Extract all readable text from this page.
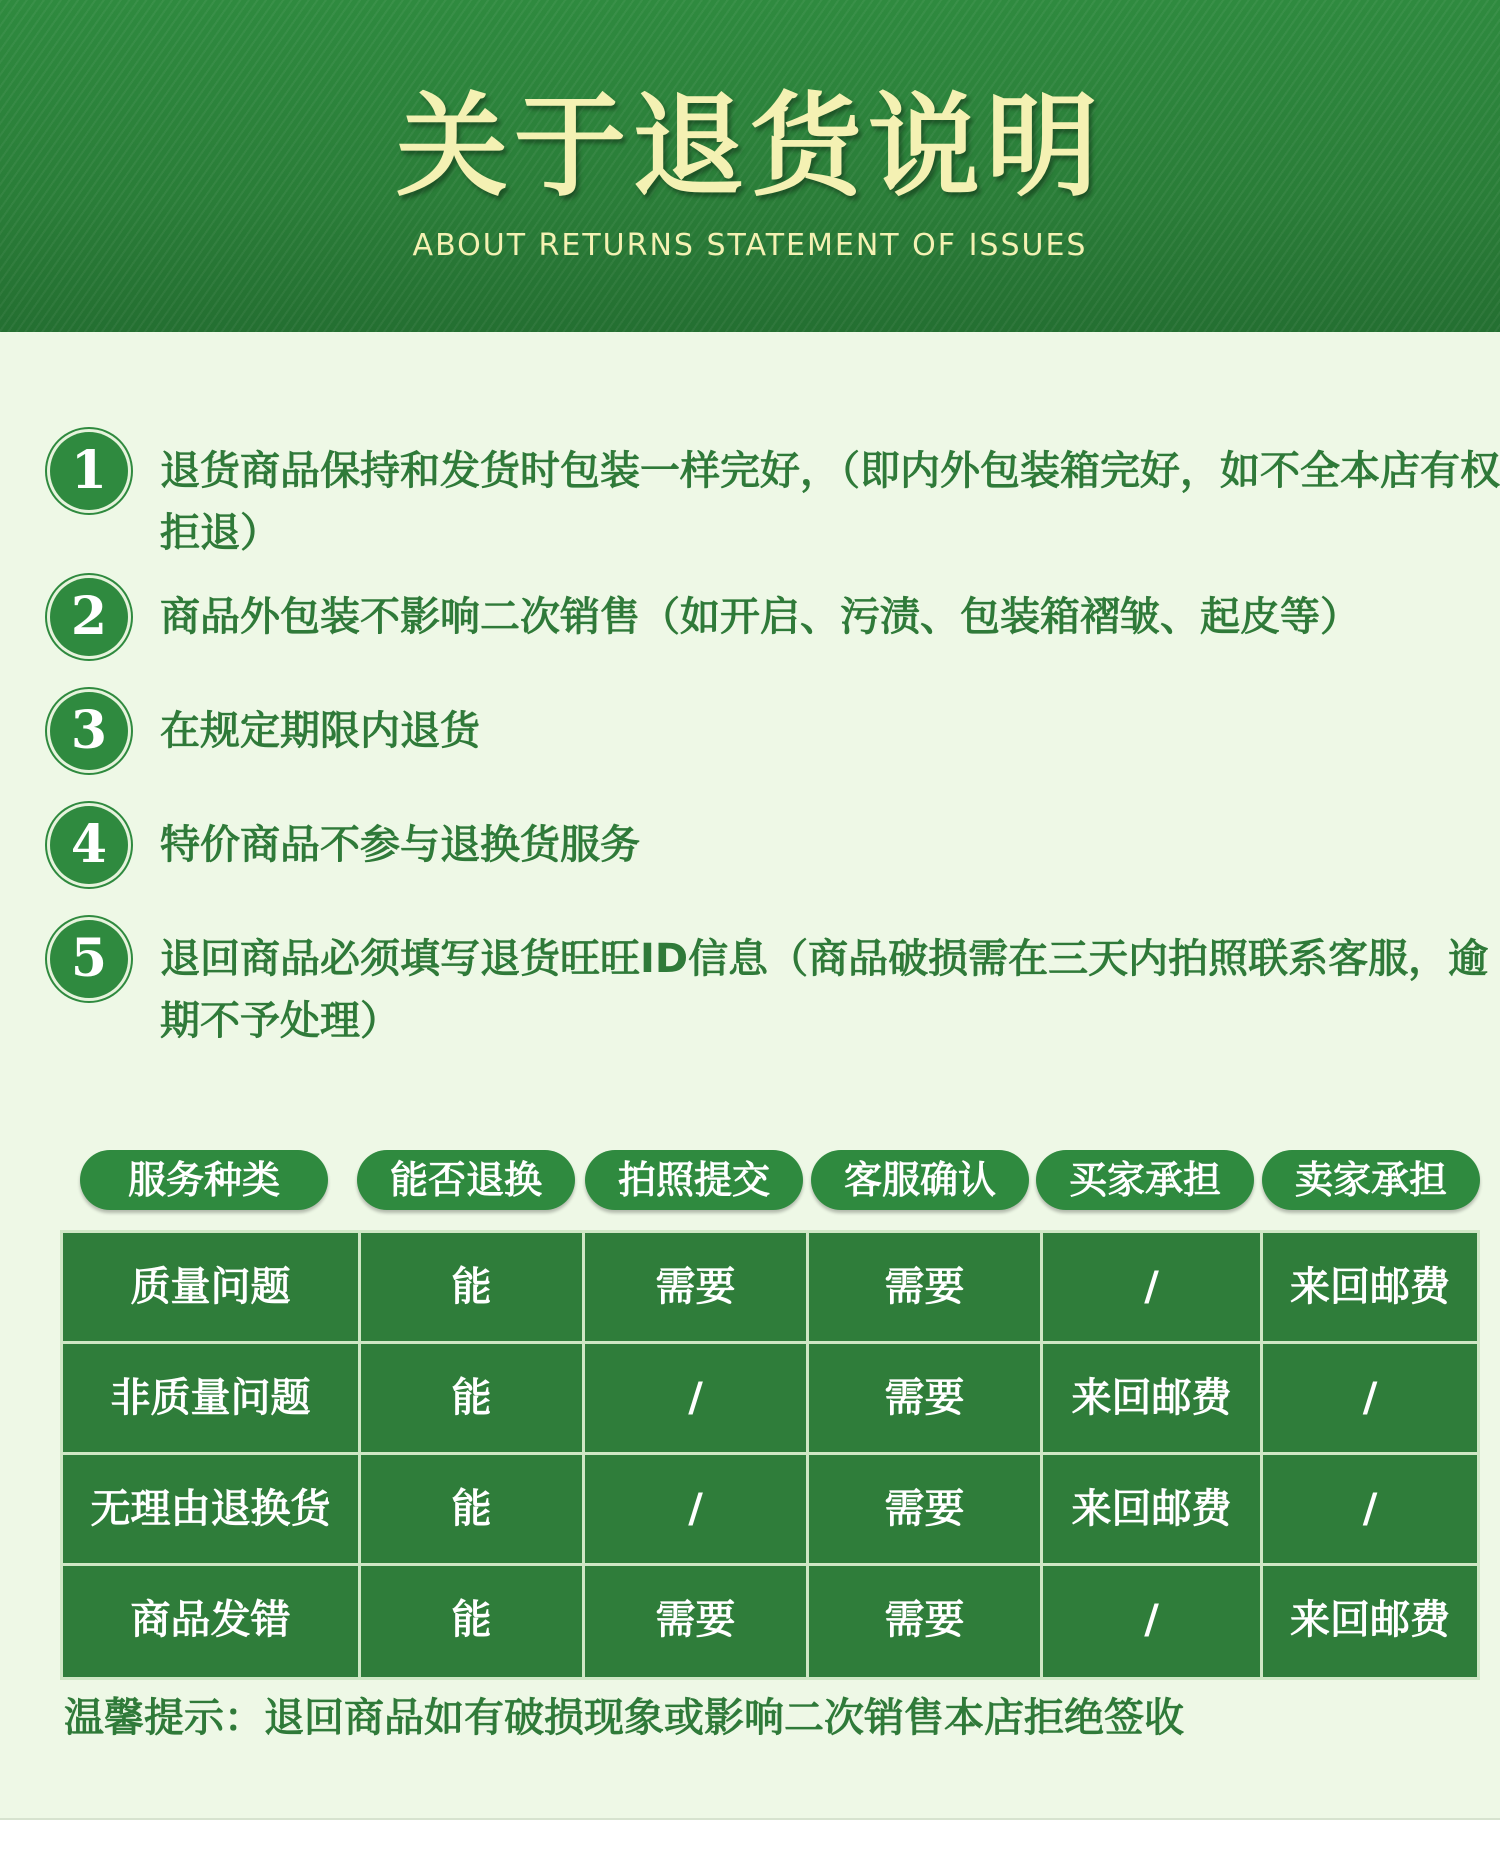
关于退货说明
ABOUT RETURNS STATEMENT OF ISSUES
1	退货商品保持和发货时包装一样完好，（即内外包装箱完好，如不全本店有权拒退）
2	商品外包装不影响二次销售（如开启、污渍、包装箱褶皱、起皮等）
3	在规定期限内退货
4	特价商品不参与退换货服务
5	退回商品必须填写退货旺旺ID信息（商品破损需在三天内拍照联系客服，逾期不予处理）
服务种类	能否退换	拍照提交	客服确认	买家承担	卖家承担
质量问题	能	需要	需要	/	来回邮费
非质量问题	能	/	需要	来回邮费	/
无理由退换货	能	/	需要	来回邮费	/
商品发错	能	需要	需要	/	来回邮费
温馨提示：退回商品如有破损现象或影响二次销售本店拒绝签收
